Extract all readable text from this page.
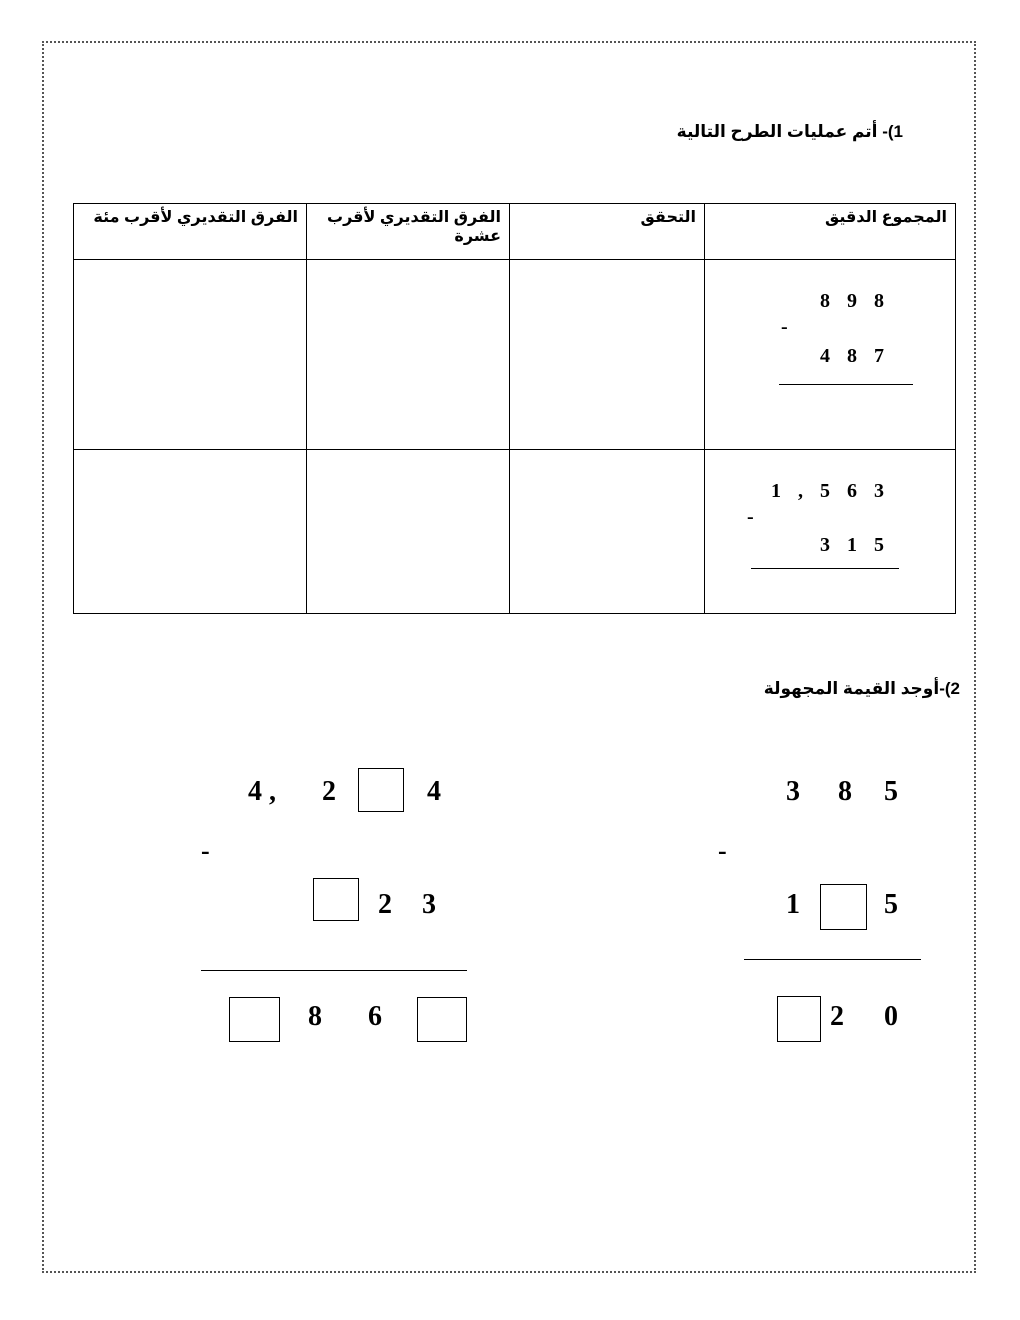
1)- أتم عمليات الطرح التالية
المجموع الدقيق	التحقق	الفرق التقديري لأقرب عشرة	الفرق التقديري لأقرب مئة

8 9 8
-
4 8 7			

1 , 5 6 3
-
3 1 5			

2)-أوجد القيمة المجهولة
3 8 5
-
1	5
2 0
4 , 2	4
-
2 3
8 6
